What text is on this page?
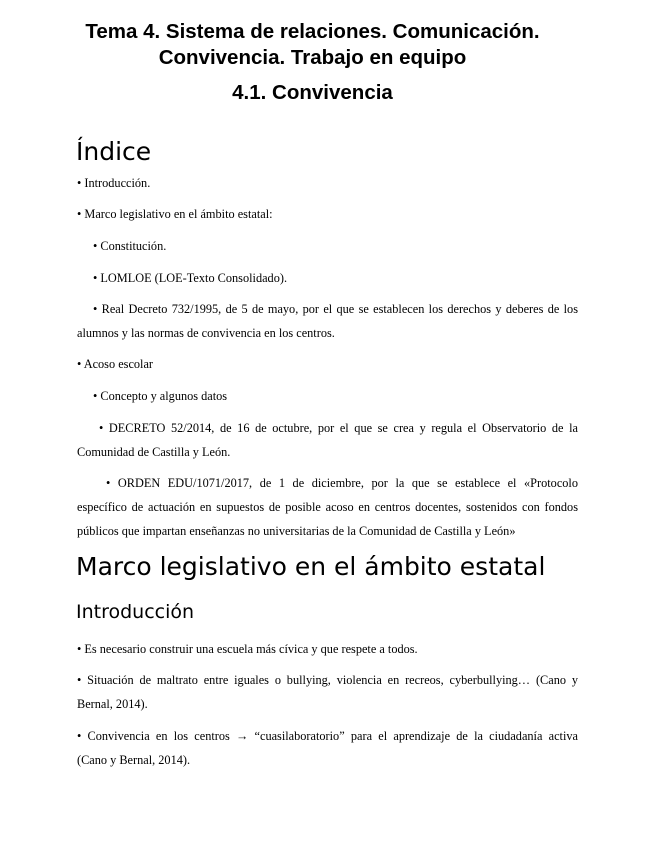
Tema 4. Sistema de relaciones. Comunicación.
Convivencia. Trabajo en equipo
4.1. Convivencia
Índice
• Introducción.
• Marco legislativo en el ámbito estatal:
• Constitución.
• LOMLOE (LOE-Texto Consolidado).
• Real Decreto 732/1995, de 5 de mayo, por el que se establecen los derechos y deberes de los
alumnos y las normas de convivencia en los centros.
• Acoso escolar
• Concepto y algunos datos
• DECRETO 52/2014, de 16 de octubre, por el que se crea y regula el Observatorio de la
Comunidad de Castilla y León.
• ORDEN EDU/1071/2017, de 1 de diciembre, por la que se establece el «Protocolo
específico de actuación en supuestos de posible acoso en centros docentes, sostenidos con fondos
públicos que impartan enseñanzas no universitarias de la Comunidad de Castilla y León»
Marco legislativo en el ámbito estatal
Introducción
• Es necesario construir una escuela más cívica y que respete a todos.
• Situación de maltrato entre iguales o bullying, violencia en recreos, cyberbullying… (Cano y
Bernal, 2014).
• Convivencia en los centros → “cuasilaboratorio” para el aprendizaje de la ciudadanía activa
(Cano y Bernal, 2014).
